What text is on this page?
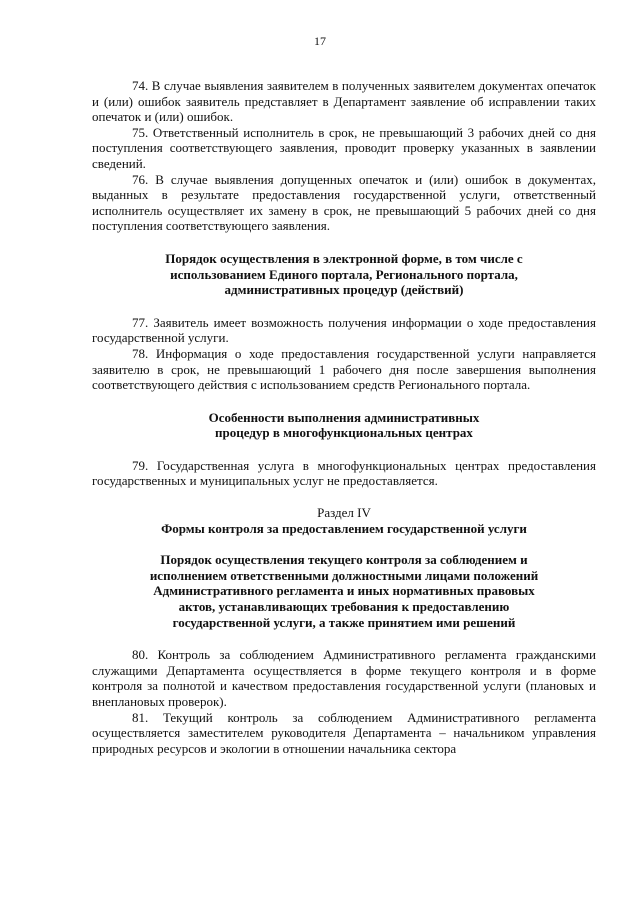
17

74. В случае выявления заявителем в полученных заявителем документах опечаток и (или) ошибок заявитель представляет в Департамент заявление об исправлении таких опечаток и (или) ошибок.

75. Ответственный исполнитель в срок, не превышающий 3 рабочих дней со дня поступления соответствующего заявления, проводит проверку указанных в заявлении сведений.

76. В случае выявления допущенных опечаток и (или) ошибок в документах, выданных в результате предоставления государственной услуги, ответственный исполнитель осуществляет их замену в срок, не превышающий 5 рабочих дней со дня поступления соответствующего заявления.

Порядок осуществления в электронной форме, в том числе с использованием Единого портала, Регионального портала, административных процедур (действий)

77. Заявитель имеет возможность получения информации о ходе предоставления государственной услуги.

78. Информация о ходе предоставления государственной услуги направляется заявителю в срок, не превышающий 1 рабочего дня после завершения выполнения соответствующего действия с использованием средств Регионального портала.

Особенности выполнения административных процедур в многофункциональных центрах

79. Государственная услуга в многофункциональных центрах предоставления государственных и муниципальных услуг не предоставляется.

Раздел IV

Формы контроля за предоставлением государственной услуги

Порядок осуществления текущего контроля за соблюдением и исполнением ответственными должностными лицами положений Административного регламента и иных нормативных правовых актов, устанавливающих требования к предоставлению государственной услуги, а также принятием ими решений

80. Контроль за соблюдением Административного регламента гражданскими служащими Департамента осуществляется в форме текущего контроля и в форме контроля за полнотой и качеством предоставления государственной услуги (плановых и внеплановых проверок).

81. Текущий контроль за соблюдением Административного регламента осуществляется заместителем руководителя Департамента – начальником управления природных ресурсов и экологии в отношении начальника сектора
